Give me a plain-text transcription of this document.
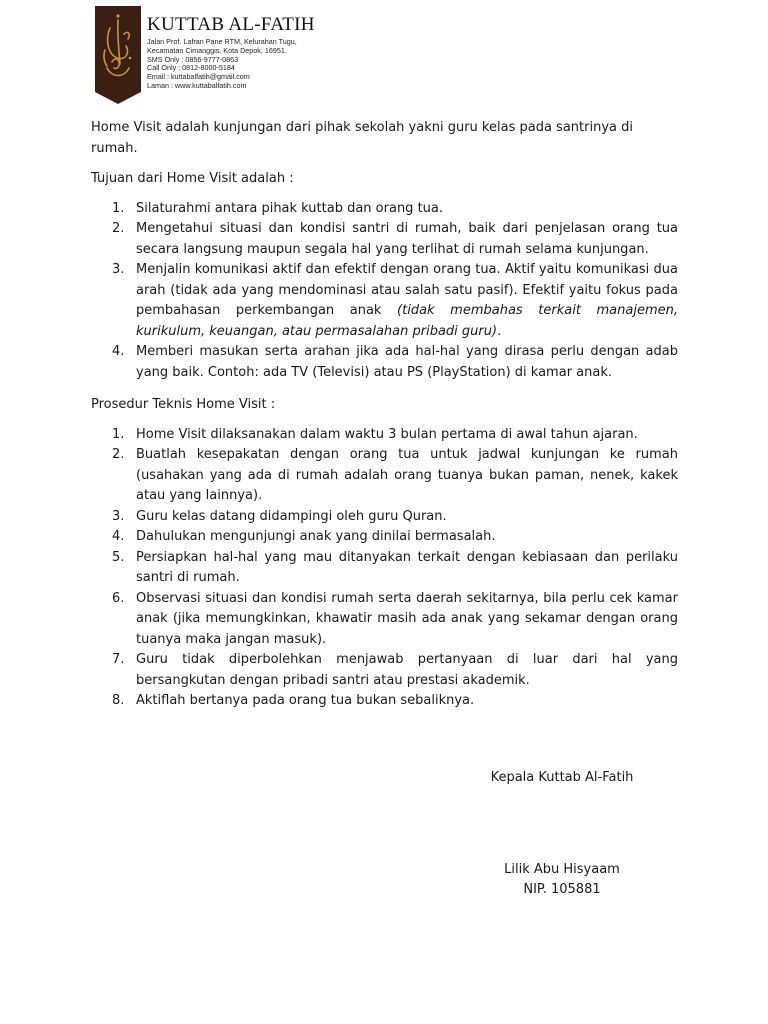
KUTTAB AL-FATIH
Jalan Prof. Lafran Pane RTM, Kelurahan Tugu,
Kecamatan Cimanggis, Kota Depok, 16951.
SMS Only : 0856-9777-0863
Call Only : 0812-8000-5184
Email : kuttabalfatih@gmail.com
Laman : www.kuttabalfatih.com

Home Visit adalah kunjungan dari pihak sekolah yakni guru kelas pada santrinya di rumah.

Tujuan dari Home Visit adalah :

1. Silaturahmi antara pihak kuttab dan orang tua.
2. Mengetahui situasi dan kondisi santri di rumah, baik dari penjelasan orang tua secara langsung maupun segala hal yang terlihat di rumah selama kunjungan.
3. Menjalin komunikasi aktif dan efektif dengan orang tua. Aktif yaitu komunikasi dua arah (tidak ada yang mendominasi atau salah satu pasif). Efektif yaitu fokus pada pembahasan perkembangan anak (tidak membahas terkait manajemen, kurikulum, keuangan, atau permasalahan pribadi guru).
4. Memberi masukan serta arahan jika ada hal-hal yang dirasa perlu dengan adab yang baik. Contoh: ada TV (Televisi) atau PS (PlayStation) di kamar anak.

Prosedur Teknis Home Visit :

1. Home Visit dilaksanakan dalam waktu 3 bulan pertama di awal tahun ajaran.
2. Buatlah kesepakatan dengan orang tua untuk jadwal kunjungan ke rumah (usahakan yang ada di rumah adalah orang tuanya bukan paman, nenek, kakek atau yang lainnya).
3. Guru kelas datang didampingi oleh guru Quran.
4. Dahulukan mengunjungi anak yang dinilai bermasalah.
5. Persiapkan hal-hal yang mau ditanyakan terkait dengan kebiasaan dan perilaku santri di rumah.
6. Observasi situasi dan kondisi rumah serta daerah sekitarnya, bila perlu cek kamar anak (jika memungkinkan, khawatir masih ada anak yang sekamar dengan orang tuanya maka jangan masuk).
7. Guru tidak diperbolehkan menjawab pertanyaan di luar dari hal yang bersangkutan dengan pribadi santri atau prestasi akademik.
8. Aktiflah bertanya pada orang tua bukan sebaliknya.
Kepala Kuttab Al-Fatih
Lilik Abu Hisyaam
NIP. 105881
